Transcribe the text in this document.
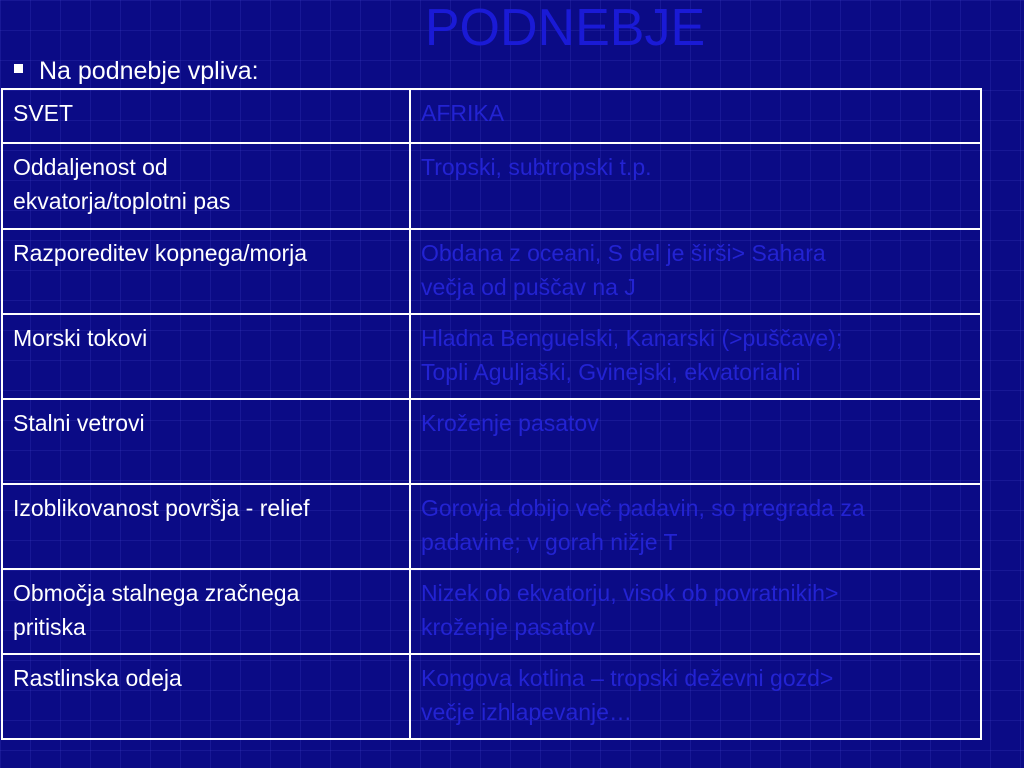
PODNEBJE
Na podnebje vpliva:
SVET	AFRIKA

Oddaljenost od
ekvatorja/toplotni pas	Tropski, subtropski t.p.

Razporeditev kopnega/morja	Obdana z oceani, S del je širši> Sahara
večja od puščav na J

Morski tokovi	Hladna Benguelski, Kanarski (>puščave);
Topli Aguljaški, Gvinejski, ekvatorialni

Stalni vetrovi	Kroženje pasatov

Izoblikovanost površja - relief	Gorovja dobijo več padavin, so pregrada za
padavine; v gorah nižje T

Območja stalnega zračnega
pritiska	Nizek ob ekvatorju, visok ob povratnikih>
kroženje pasatov

Rastlinska odeja	Kongova kotlina – tropski deževni gozd>
večje izhlapevanje…
